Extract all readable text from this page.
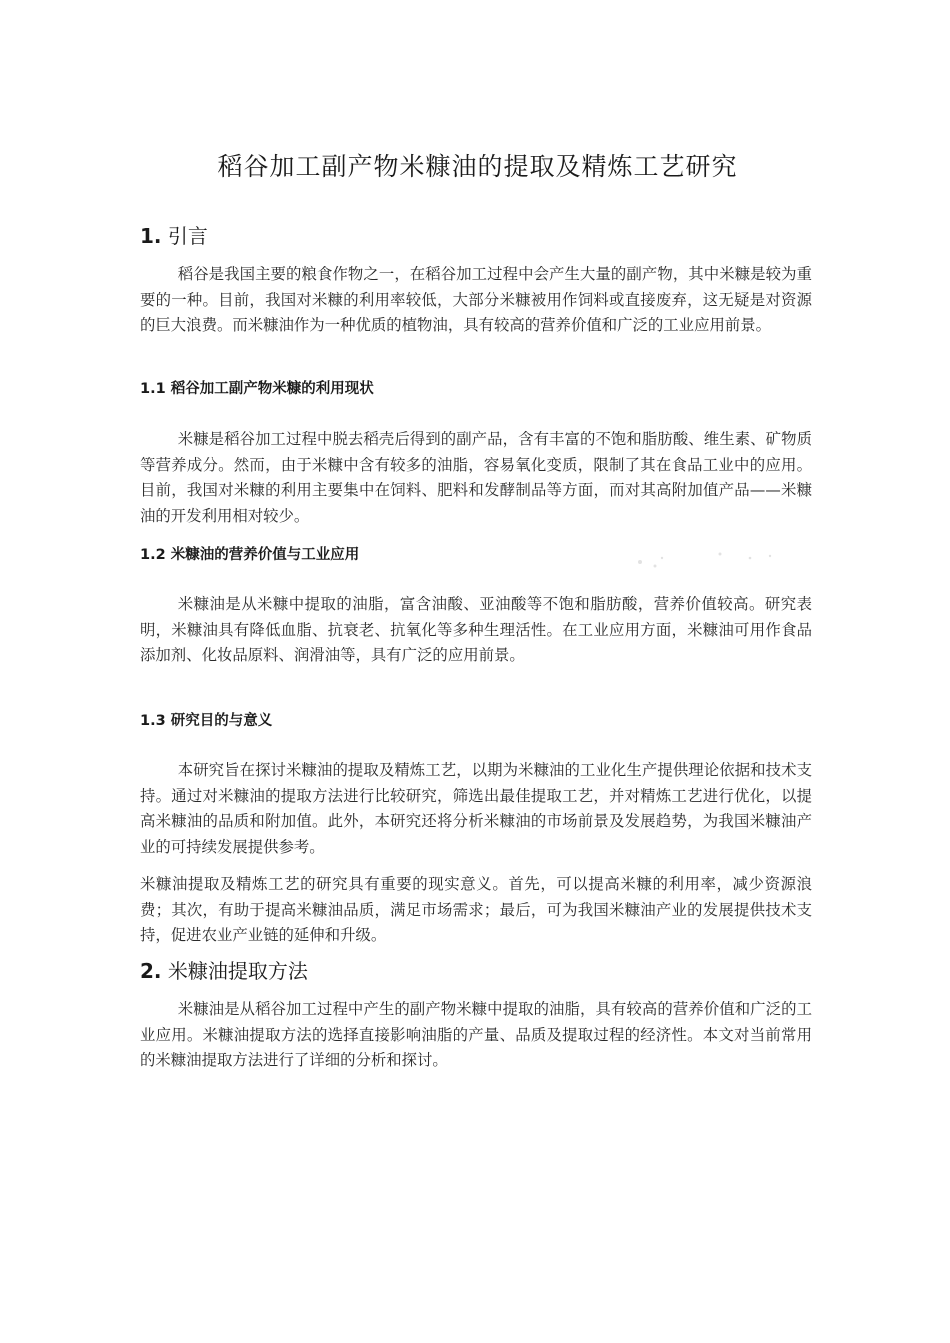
稻谷加工副产物米糠油的提取及精炼工艺研究
1. 引言

稻谷是我国主要的粮食作物之一，在稻谷加工过程中会产生大量的副产物，其中米糠是较为重要的一种。目前，我国对米糠的利用率较低，大部分米糠被用作饲料或直接废弃，这无疑是对资源的巨大浪费。而米糠油作为一种优质的植物油，具有较高的营养价值和广泛的工业应用前景。

1.1 稻谷加工副产物米糠的利用现状

米糠是稻谷加工过程中脱去稻壳后得到的副产品，含有丰富的不饱和脂肪酸、维生素、矿物质等营养成分。然而，由于米糠中含有较多的油脂，容易氧化变质，限制了其在食品工业中的应用。目前，我国对米糠的利用主要集中在饲料、肥料和发酵制品等方面，而对其高附加值产品——米糠油的开发利用相对较少。

1.2 米糠油的营养价值与工业应用

米糠油是从米糠中提取的油脂，富含油酸、亚油酸等不饱和脂肪酸，营养价值较高。研究表明，米糠油具有降低血脂、抗衰老、抗氧化等多种生理活性。在工业应用方面，米糠油可用作食品添加剂、化妆品原料、润滑油等，具有广泛的应用前景。

1.3 研究目的与意义

本研究旨在探讨米糠油的提取及精炼工艺，以期为米糠油的工业化生产提供理论依据和技术支持。通过对米糠油的提取方法进行比较研究，筛选出最佳提取工艺，并对精炼工艺进行优化，以提高米糠油的品质和附加值。此外，本研究还将分析米糠油的市场前景及发展趋势，为我国米糠油产业的可持续发展提供参考。

米糠油提取及精炼工艺的研究具有重要的现实意义。首先，可以提高米糠的利用率，减少资源浪费；其次，有助于提高米糠油品质，满足市场需求；最后，可为我国米糠油产业的发展提供技术支持，促进农业产业链的延伸和升级。

2. 米糠油提取方法

米糠油是从稻谷加工过程中产生的副产物米糠中提取的油脂，具有较高的营养价值和广泛的工业应用。米糠油提取方法的选择直接影响油脂的产量、品质及提取过程的经济性。本文对当前常用的米糠油提取方法进行了详细的分析和探讨。
